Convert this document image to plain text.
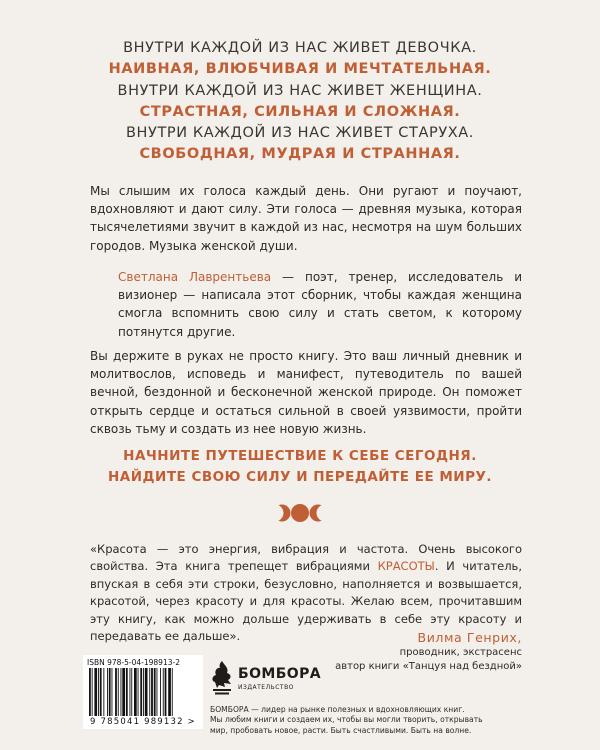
ВНУТРИ КАЖДОЙ ИЗ НАС ЖИВЕТ ДЕВОЧКА.
НАИВНАЯ, ВЛЮБЧИВАЯ И МЕЧТАТЕЛЬНАЯ.
ВНУТРИ КАЖДОЙ ИЗ НАС ЖИВЕТ ЖЕНЩИНА.
СТРАСТНАЯ, СИЛЬНАЯ И СЛОЖНАЯ.
ВНУТРИ КАЖДОЙ ИЗ НАС ЖИВЕТ СТАРУХА.
СВОБОДНАЯ, МУДРАЯ И СТРАННАЯ.
Мы слышим их голоса каждый день. Они ругают и поучают, вдохновляют и дают силу. Эти голоса — древняя музыка, которая тысячелетиями звучит в каждой из нас, несмотря на шум больших городов. Музыка женской души.
Светлана Лаврентьева — поэт, тренер, исследователь и визионер — написала этот сборник, чтобы каждая женщина смогла вспомнить свою силу и стать светом, к которому потянутся другие.
Вы держите в руках не просто книгу. Это ваш личный дневник и молитвослов, исповедь и манифест, путеводитель по вашей вечной, бездонной и бесконечной женской природе. Он поможет открыть сердце и остаться сильной в своей уязвимости, пройти сквозь тьму и создать из нее новую жизнь.
НАЧНИТЕ ПУТЕШЕСТВИЕ К СЕБЕ СЕГОДНЯ.
НАЙДИТЕ СВОЮ СИЛУ И ПЕРЕДАЙТЕ ЕЕ МИРУ.
«Красота — это энергия, вибрация и частота. Очень высокого свойства. Эта книга трепещет вибрациями КРАСОТЫ. И читатель, впуская в себя эти строки, безусловно, наполняется и возвышается, красотой, через красоту и для красоты. Желаю всем, прочитавшим эту книгу, как можно дольше удерживать в себе эту красоту и передавать ее дальше».	Вилма Генрих,
проводник, экстрасенс
автор книги «Танцуя над бездной»
ISBN 978-5-04-198913-2
9 785041 989132 >
БОМБОРА
ИЗДАТЕЛЬСТВО
БОМБОРА — лидер на рынке полезных и вдохновляющих книг.
Мы любим книги и создаем их, чтобы вы могли творить, открывать
мир, пробовать новое, расти. Быть счастливыми. Быть на волне.
